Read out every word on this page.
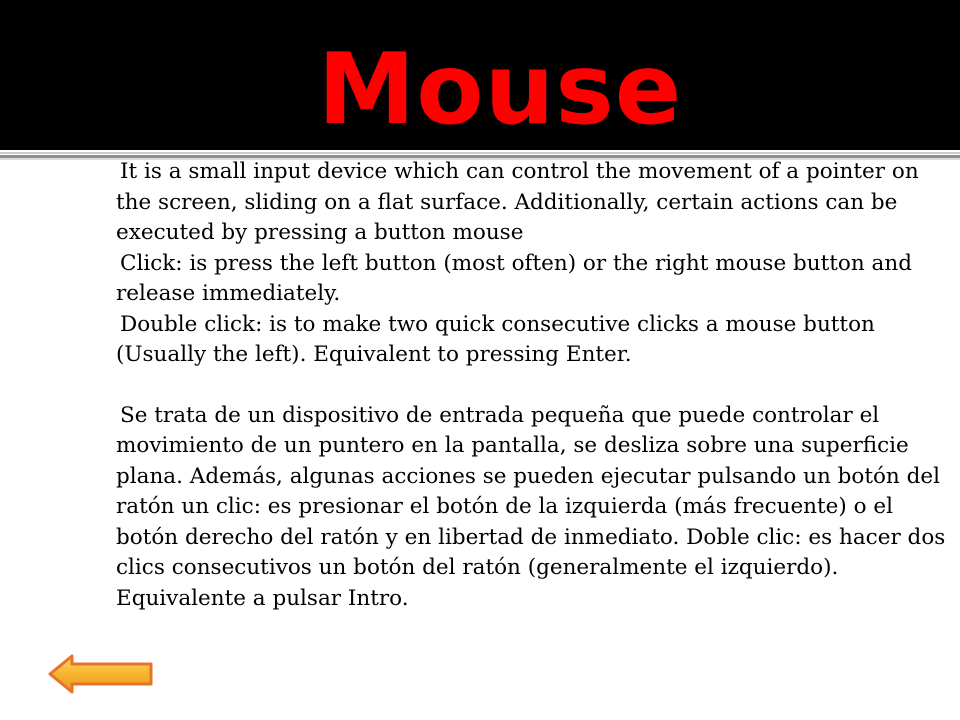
Mouse

It is a small input device which can control the movement of a pointer on the screen, sliding on a flat surface. Additionally, certain actions can be executed by pressing a button mouse

Click: is press the left button (most often) or the right mouse button and release immediately.

Double click: is to make two quick consecutive clicks a mouse button (Usually the left). Equivalent to pressing Enter.

Se trata de un dispositivo de entrada pequeña que puede controlar el movimiento de un puntero en la pantalla, se desliza sobre una superficie plana. Además, algunas acciones se pueden ejecutar pulsando un botón del ratón un clic: es presionar el botón de la izquierda (más frecuente) o el botón derecho del ratón y en libertad de inmediato. Doble clic: es hacer dos clics consecutivos un botón del ratón (generalmente el izquierdo). Equivalente a pulsar Intro.
